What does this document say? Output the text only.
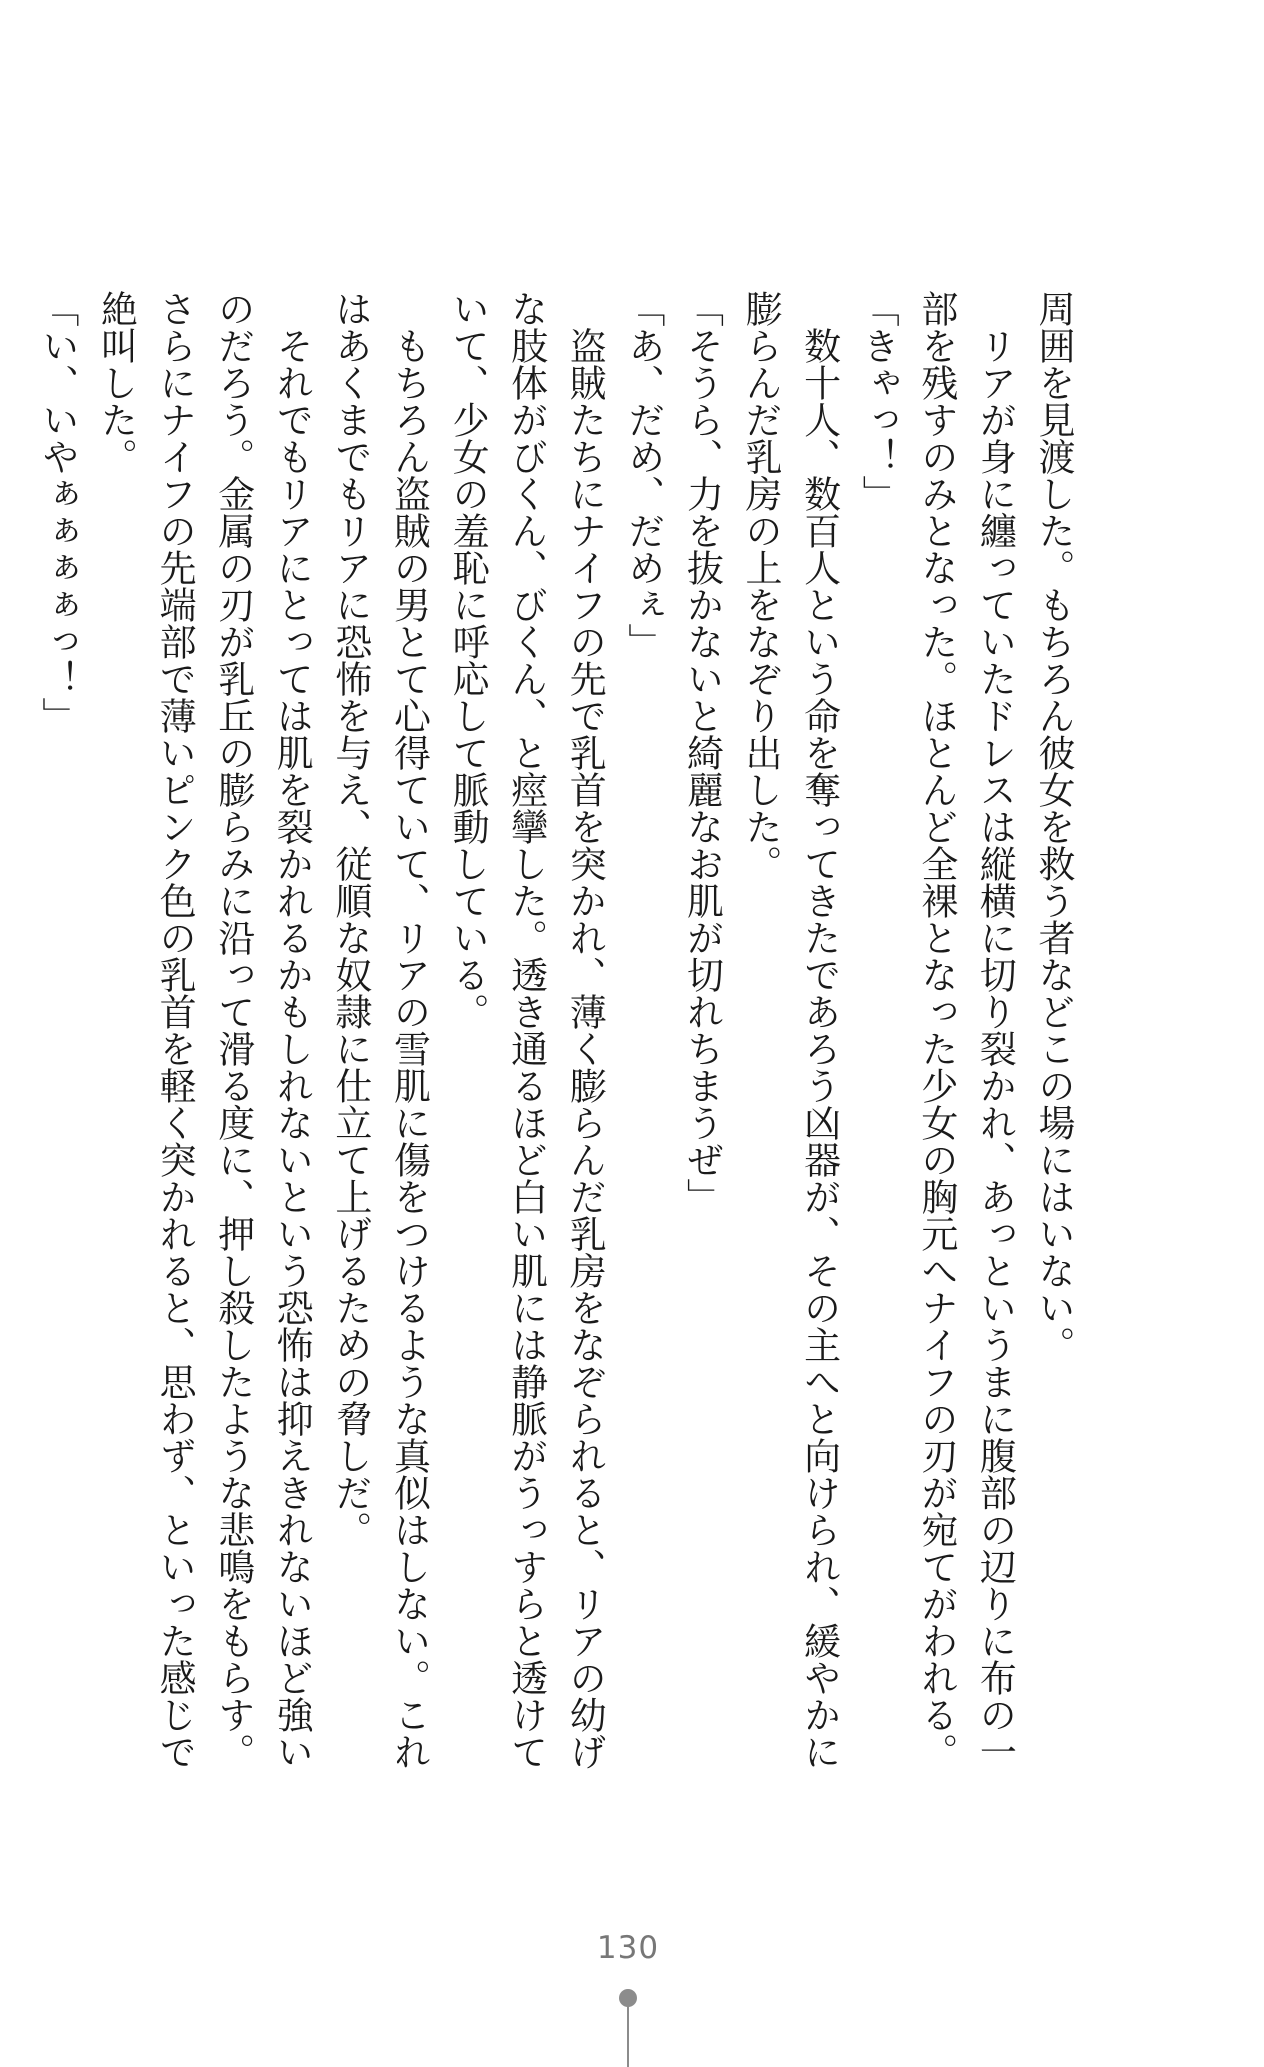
周囲を見渡した。もちろん彼女を救う者などこの場にはいない。
　リアが身に纏っていたドレスは縦横に切り裂かれ、あっというまに腹部の辺りに布の一
部を残すのみとなった。ほとんど全裸となった少女の胸元へナイフの刃が宛てがわれる。
「きゃっ！」
　数十人、数百人という命を奪ってきたであろう凶器が、その主へと向けられ、緩やかに
膨らんだ乳房の上をなぞり出した。
「そうら、力を抜かないと綺麗なお肌が切れちまうぜ」
「あ、だめ、だめぇ」
　盗賊たちにナイフの先で乳首を突かれ、薄く膨らんだ乳房をなぞられると、リアの幼げ
な肢体がびくん、びくん、と痙攣した。透き通るほど白い肌には静脈がうっすらと透けて
いて、少女の羞恥に呼応して脈動している。
　もちろん盗賊の男とて心得ていて、リアの雪肌に傷をつけるような真似はしない。これ
はあくまでもリアに恐怖を与え、従順な奴隷に仕立て上げるための脅しだ。
　それでもリアにとっては肌を裂かれるかもしれないという恐怖は抑えきれないほど強い
のだろう。金属の刃が乳丘の膨らみに沿って滑る度に、押し殺したような悲鳴をもらす。
さらにナイフの先端部で薄いピンク色の乳首を軽く突かれると、思わず、といった感じで
絶叫した。
「い、いやぁぁぁぁっ！」
130
